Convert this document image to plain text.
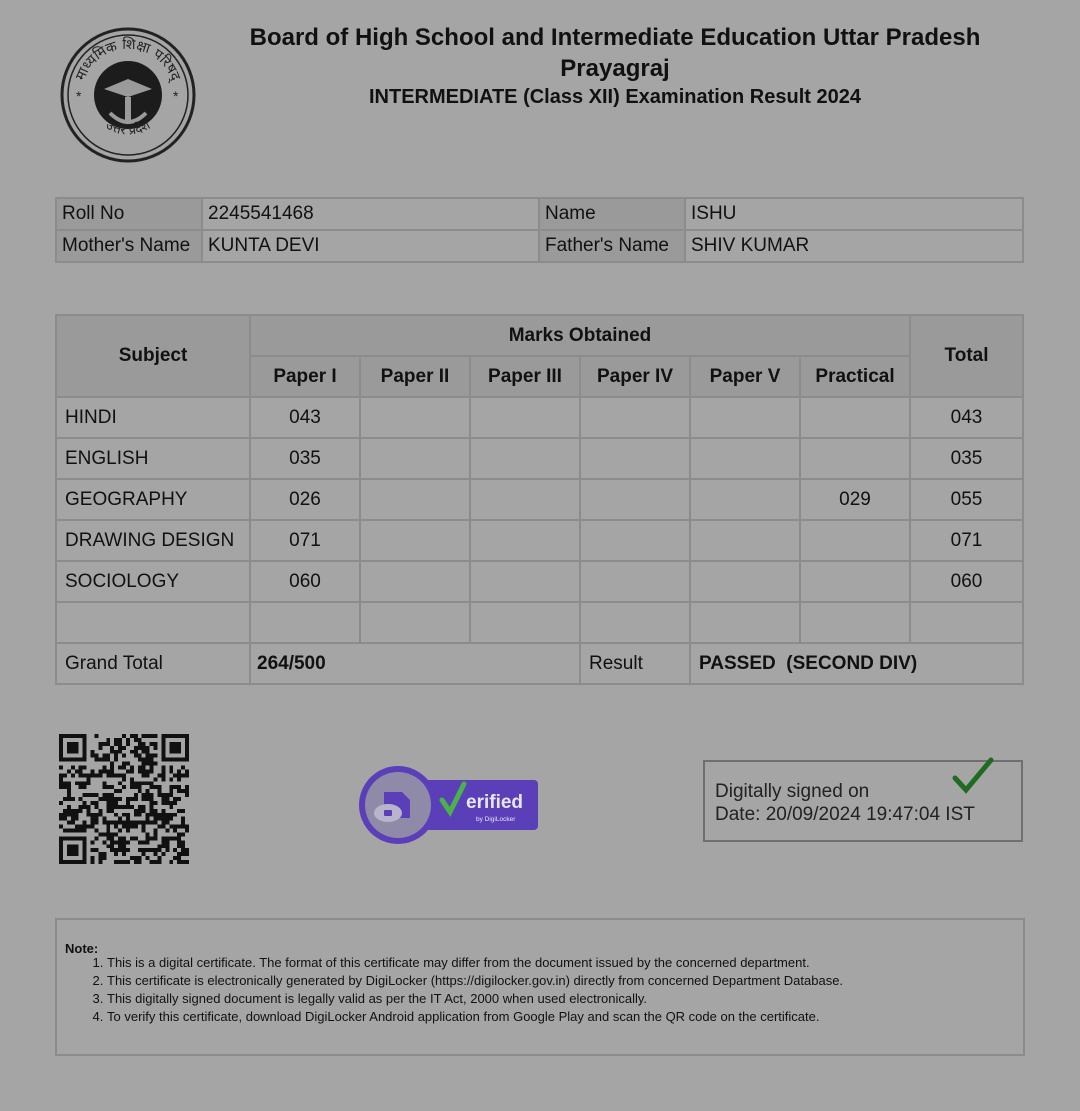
माध्यमिक शिक्षा परिषद्
उत्तर प्रदेश
*	*

Board of High School and Intermediate Education Uttar Pradesh

Prayagraj

INTERMEDIATE (Class XII) Examination Result 2024

Roll No	2245541468	Name	ISHU
Mother's Name	KUNTA DEVI	Father's Name	SHIV KUMAR
Subject	Marks Obtained						Total
	Paper I	Paper II	Paper III	Paper IV	Paper V	Practical	
HINDI	043						043
ENGLISH	035						035
GEOGRAPHY	026					029	055
DRAWING DESIGN	071						071
SOCIOLOGY	060						060

Grand Total	264/500			Result	PASSED  (SECOND DIV)		
erified
by DigiLocker
Digitally signed on
Date: 20/09/2024 19:47:04 IST

Note:

1. This is a digital certificate. The format of this certificate may differ from the document issued by the concerned department.
2. This certificate is electronically generated by DigiLocker (https://digilocker.gov.in) directly from concerned Department Database.
3. This digitally signed document is legally valid as per the IT Act, 2000 when used electronically.
4. To verify this certificate, download DigiLocker Android application from Google Play and scan the QR code on the certificate.
